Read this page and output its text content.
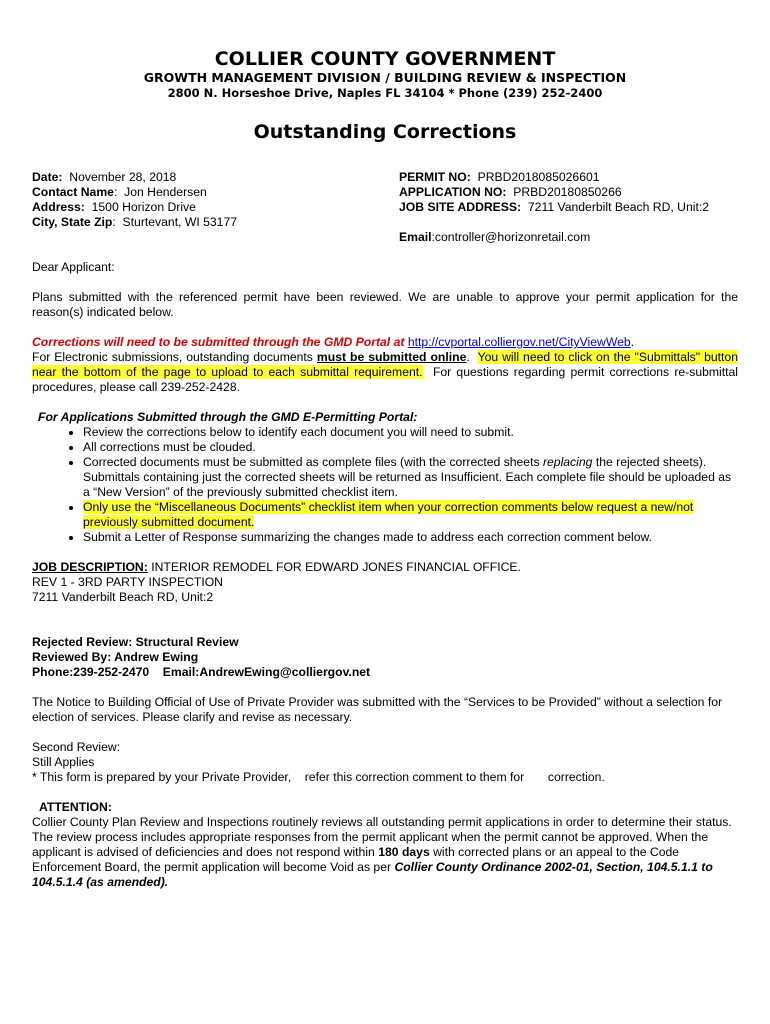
COLLIER COUNTY GOVERNMENT

GROWTH MANAGEMENT DIVISION / BUILDING REVIEW & INSPECTION

2800 N. Horseshoe Drive, Naples FL 34104 * Phone (239) 252-2400

Outstanding Corrections
Date: November 28, 2018
Contact Name:  Jon Hendersen
Address: 1500 Horizon Drive
City, State Zip:  Sturtevant, WI 53177
PERMIT NO: PRBD2018085026601
APPLICATION NO: PRBD20180850266
JOB SITE ADDRESS: 7211 Vanderbilt Beach RD, Unit:2
Email:controller@horizonretail.com

Dear Applicant:

Plans submitted with the referenced permit have been reviewed. We are unable to approve your permit application for the reason(s) indicated below.

Corrections will need to be submitted through the GMD Portal at http://cvportal.colliergov.net/CityViewWeb.
For Electronic submissions, outstanding documents must be submitted online.  You will need to click on the "Submittals" button near the bottom of the page to upload to each submittal requirement. For questions regarding permit corrections re-submittal procedures, please call 239-252-2428.

For Applications Submitted through the GMD E-Permitting Portal:

• Review the corrections below to identify each document you will need to submit.
• All corrections must be clouded.
• Corrected documents must be submitted as complete files (with the corrected sheets replacing the rejected sheets). Submittals containing just the corrected sheets will be returned as Insufficient. Each complete file should be uploaded as a “New Version” of the previously submitted checklist item.
• Only use the “Miscellaneous Documents” checklist item when your correction comments below request a new/not previously submitted document.
• Submit a Letter of Response summarizing the changes made to address each correction comment below.
JOB DESCRIPTION: INTERIOR REMODEL FOR EDWARD JONES FINANCIAL OFFICE.
REV 1 - 3RD PARTY INSPECTION
7211 Vanderbilt Beach RD, Unit:2
Rejected Review: Structural Review
Reviewed By: Andrew Ewing
Phone:239-252-2470 Email:AndrewEwing@colliergov.net

The Notice to Building Official of Use of Private Provider was submitted with the “Services to be Provided” without a selection for election of services. Please clarify and revise as necessary.

Second Review:
Still Applies
* This form is prepared by your Private Provider,    refer this correction comment to them for       correction.
ATTENTION:
Collier County Plan Review and Inspections routinely reviews all outstanding permit applications in order to determine their status. The review process includes appropriate responses from the permit applicant when the permit cannot be approved. When the applicant is advised of deficiencies and does not respond within 180 days with corrected plans or an appeal to the Code Enforcement Board, the permit application will become Void as per Collier County Ordinance 2002-01, Section, 104.5.1.1 to 104.5.1.4 (as amended).
